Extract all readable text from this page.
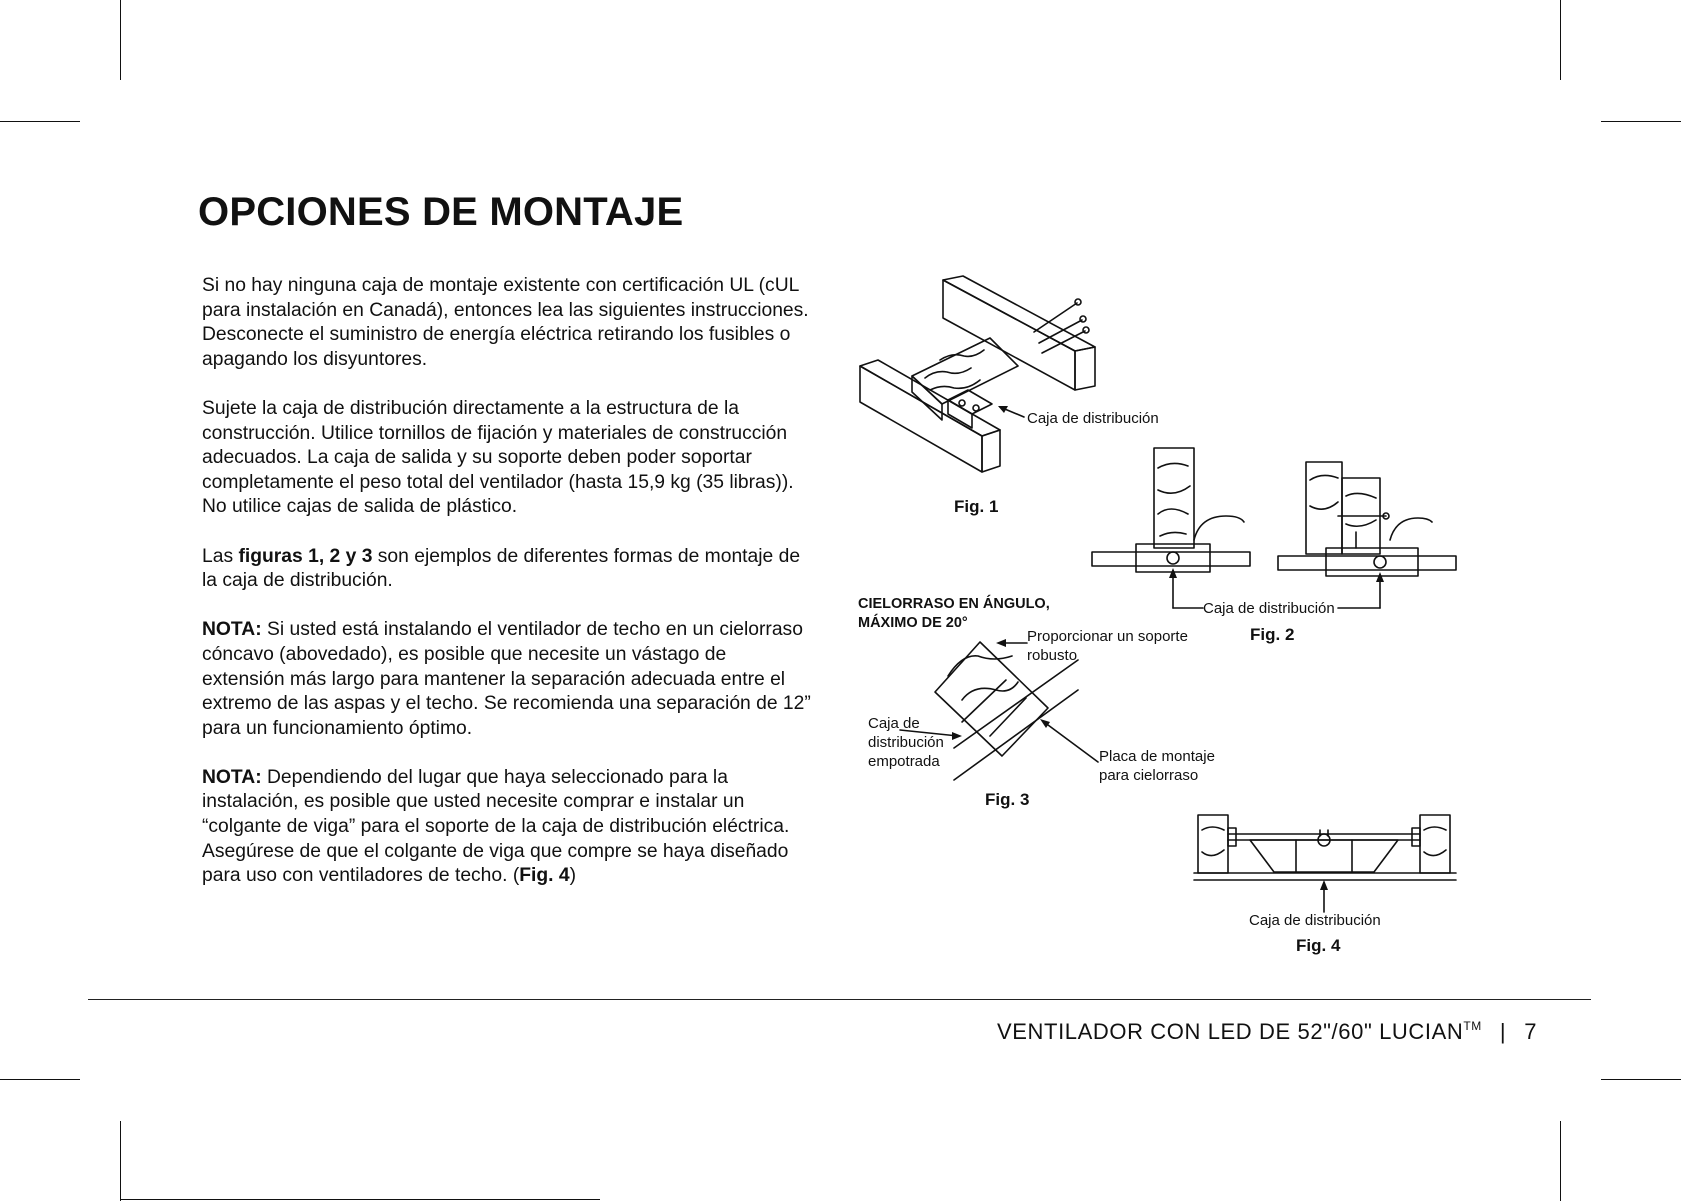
OPCIONES DE MONTAJE

Si no hay ninguna caja de montaje existente con certificación UL (cUL para instalación en Canadá), entonces lea las siguientes instrucciones. Desconecte el suministro de energía eléctrica retirando los fusibles o apagando los disyuntores.

Sujete la caja de distribución directamente a la estructura de la construcción. Utilice tornillos de fijación y materiales de construcción adecuados. La caja de salida y su soporte deben poder soportar completamente el peso total del ventilador (hasta 15,9 kg (35 libras)). No utilice cajas de salida de plástico.

Las figuras 1, 2 y 3 son ejemplos de diferentes formas de montaje de la caja de distribución.

NOTA: Si usted está instalando el ventilador de techo en un cielorraso cóncavo (abovedado), es posible que necesite un vástago de extensión más largo para mantener la separación adecuada entre el extremo de las aspas y el techo. Se recomienda una separación de 12” para un funcionamiento óptimo.

NOTA: Dependiendo del lugar que haya seleccionado para la instalación, es posible que usted necesite comprar e instalar un “colgante de viga” para el soporte de la caja de distribución eléctrica. Asegúrese de que el colgante de viga que compre se haya diseñado para uso con ventiladores de techo. (Fig. 4)

Caja de distribución
Fig. 1
Caja de distribución
Fig. 2
CIELORRASO EN ÁNGULO,
MÁXIMO DE 20°
Proporcionar un soporte
robusto
Caja de
distribución
empotrada	Placa de montaje
para cielorraso
Fig. 3
Caja de distribución
Fig. 4
VENTILADOR CON LED DE 52"/60" LUCIAN™ | 7
